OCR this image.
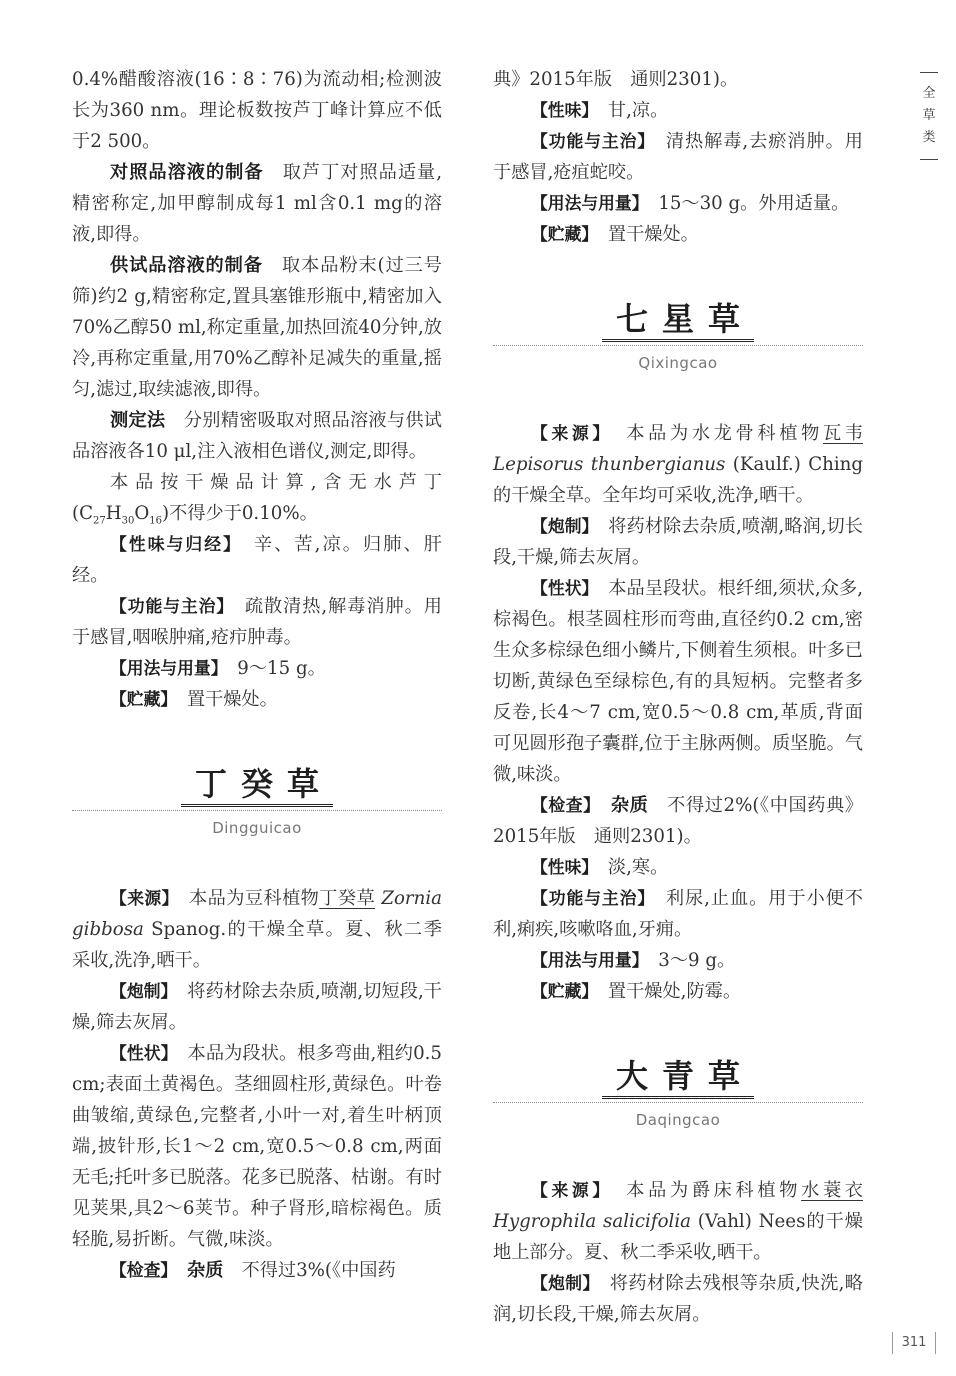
0.4%醋酸溶液(16∶8∶76)为流动相;检测波长为360 nm。理论板数按芦丁峰计算应不低于2 500。

对照品溶液的制备　取芦丁对照品适量,精密称定,加甲醇制成每1 ml含0.1 mg的溶液,即得。

供试品溶液的制备　取本品粉末(过三号筛)约2 g,精密称定,置具塞锥形瓶中,精密加入70%乙醇50 ml,称定重量,加热回流40分钟,放冷,再称定重量,用70%乙醇补足减失的重量,摇匀,滤过,取续滤液,即得。

测定法　分别精密吸取对照品溶液与供试品溶液各10 μl,注入液相色谱仪,测定,即得。

本品按干燥品计算,含无水芦丁$(C_{27}H_{30}O_{16})$不得少于0.10%。

【性味与归经】　辛、苦,凉。归肺、肝经。

【功能与主治】　疏散清热,解毒消肿。用于感冒,咽喉肿痛,疮疖肿毒。

【用法与用量】　9～15 g。

【贮藏】　置干燥处。

丁癸草
Dingguicao

【来源】　本品为豆科植物丁癸草 Zornia gibbosa Spanog.的干燥全草。夏、秋二季采收,洗净,晒干。

【炮制】　将药材除去杂质,喷潮,切短段,干燥,筛去灰屑。

【性状】　本品为段状。根多弯曲,粗约0.5 cm;表面土黄褐色。茎细圆柱形,黄绿色。叶卷曲皱缩,黄绿色,完整者,小叶一对,着生叶柄顶端,披针形,长1～2 cm,宽0.5～0.8 cm,两面无毛;托叶多已脱落。花多已脱落、枯谢。有时见荚果,具2～6荚节。种子肾形,暗棕褐色。质轻脆,易折断。气微,味淡。

【检查】　 杂质　不得过3%(《中国药

典》2015年版　通则2301)。

【性味】　甘,凉。

【功能与主治】　清热解毒,去瘀消肿。用于感冒,疮疽蛇咬。

【用法与用量】　15～30 g。外用适量。

【贮藏】　置干燥处。

七星草
Qixingcao

【来源】　本品为水龙骨科植物瓦韦 Lepisorus thunbergianus (Kaulf.) Ching的干燥全草。全年均可采收,洗净,晒干。

【炮制】　将药材除去杂质,喷潮,略润,切长段,干燥,筛去灰屑。

【性状】　本品呈段状。根纤细,须状,众多,棕褐色。根茎圆柱形而弯曲,直径约0.2 cm,密生众多棕绿色细小鳞片,下侧着生须根。叶多已切断,黄绿色至绿棕色,有的具短柄。完整者多反卷,长4～7 cm,宽0.5～0.8 cm,革质,背面可见圆形孢子囊群,位于主脉两侧。质坚脆。气微,味淡。

【检查】　 杂质　不得过2%(《中国药典》2015年版　通则2301)。

【性味】　淡,寒。

【功能与主治】　利尿,止血。用于小便不利,痢疾,咳嗽咯血,牙痈。

【用法与用量】　3～9 g。

【贮藏】　置干燥处,防霉。

大青草
Daqingcao

【来源】　本品为爵床科植物水蓑衣 Hygrophila salicifolia (Vahl) Nees的干燥地上部分。夏、秋二季采收,晒干。

【炮制】　将药材除去残根等杂质,快洗,略润,切长段,干燥,筛去灰屑。

全
草
类
311
